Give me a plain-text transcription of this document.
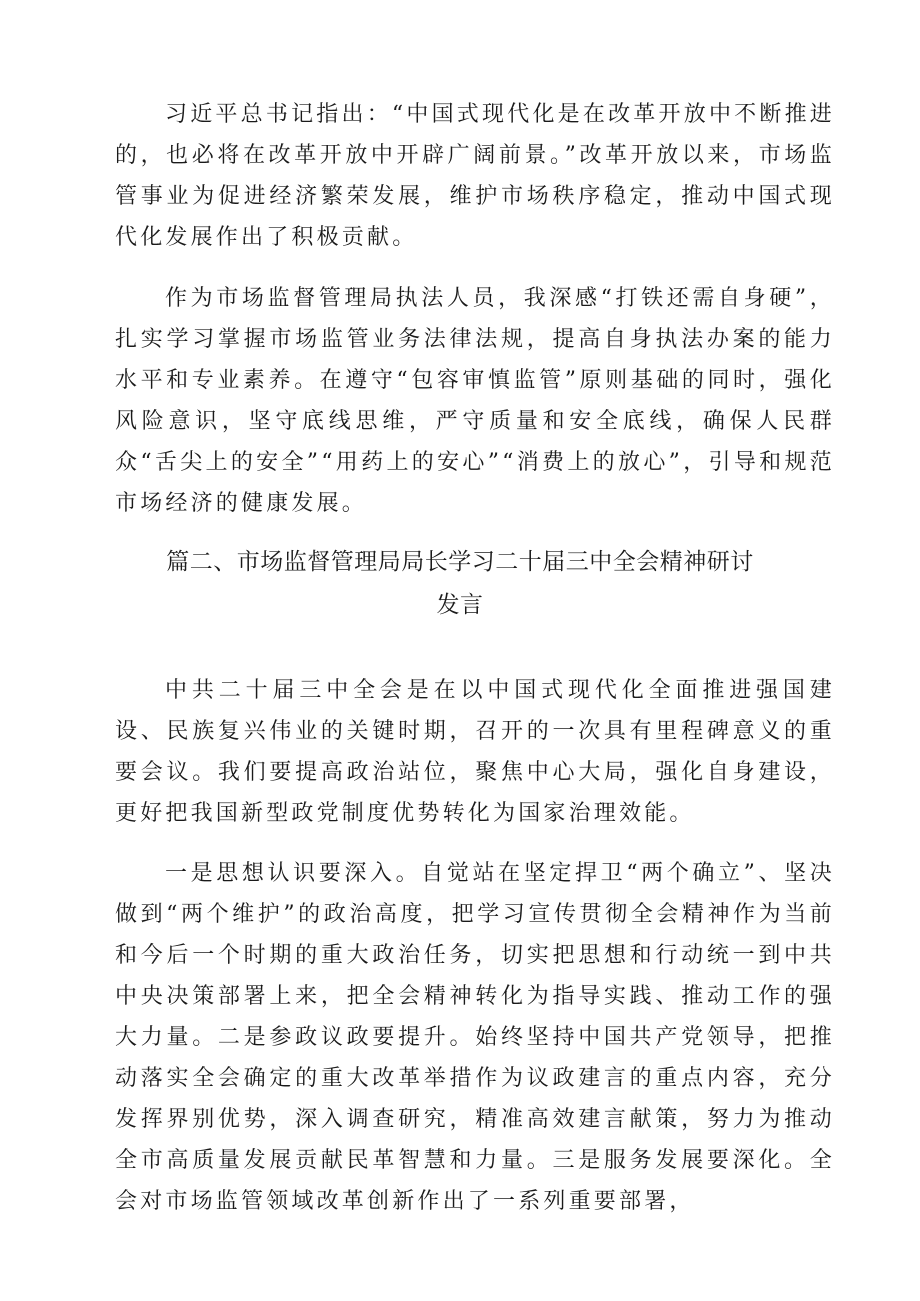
习近平总书记指出：“中国式现代化是在改革开放中不断推进的，也必将在改革开放中开辟广阔前景。”改革开放以来，市场监管事业为促进经济繁荣发展，维护市场秩序稳定，推动中国式现代化发展作出了积极贡献。

作为市场监督管理局执法人员，我深感“打铁还需自身硬”，扎实学习掌握市场监管业务法律法规，提高自身执法办案的能力水平和专业素养。在遵守“包容审慎监管”原则基础的同时，强化风险意识，坚守底线思维，严守质量和安全底线，确保人民群众“舌尖上的安全”“用药上的安心”“消费上的放心”，引导和规范市场经济的健康发展。

篇二、市场监督管理局局长学习二十届三中全会精神研讨
发言

中共二十届三中全会是在以中国式现代化全面推进强国建设、民族复兴伟业的关键时期，召开的一次具有里程碑意义的重要会议。我们要提高政治站位，聚焦中心大局，强化自身建设，更好把我国新型政党制度优势转化为国家治理效能。

一是思想认识要深入。自觉站在坚定捍卫“两个确立”、坚决做到“两个维护”的政治高度，把学习宣传贯彻全会精神作为当前和今后一个时期的重大政治任务，切实把思想和行动统一到中共中央决策部署上来，把全会精神转化为指导实践、推动工作的强大力量。二是参政议政要提升。始终坚持中国共产党领导，把推动落实全会确定的重大改革举措作为议政建言的重点内容，充分发挥界别优势，深入调查研究，精准高效建言献策，努力为推动全市高质量发展贡献民革智慧和力量。三是服务发展要深化。全会对市场监管领域改革创新作出了一系列重要部署，
